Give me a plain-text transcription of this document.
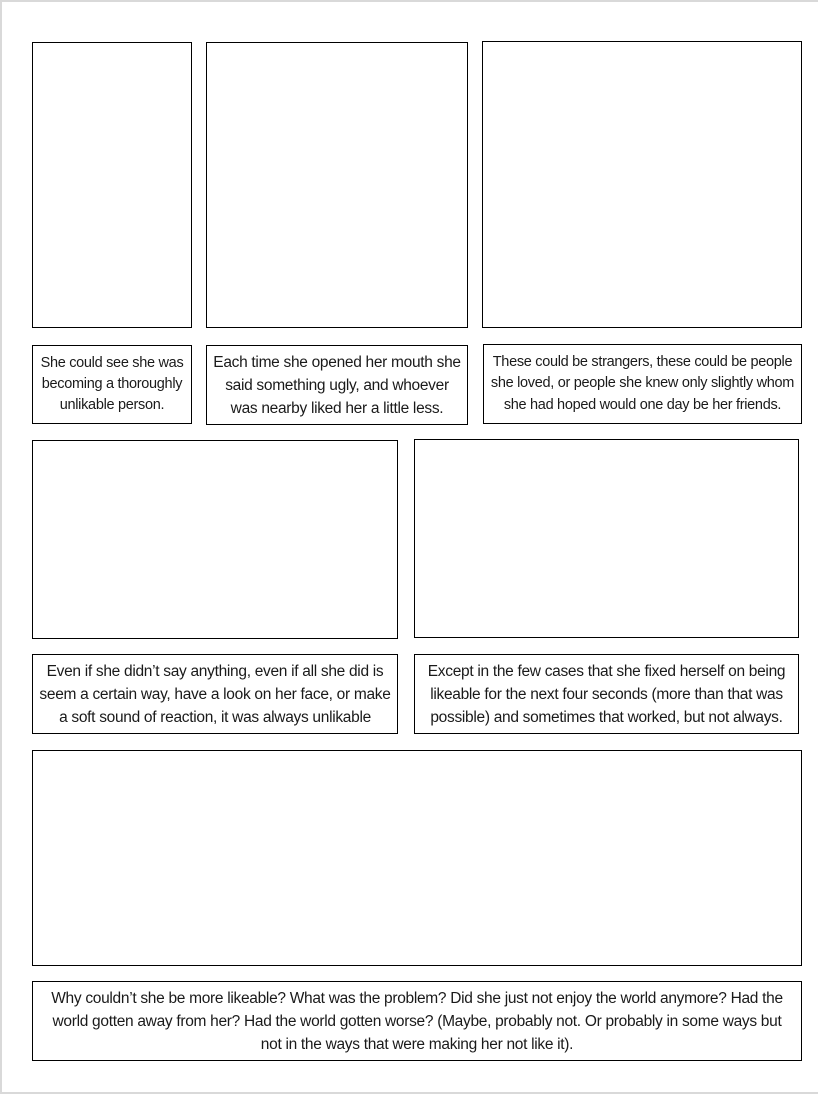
She could see she was becoming a thoroughly unlikable person.
Each time she opened her mouth she said something ugly, and whoever was nearby liked her a little less.
These could be strangers, these could be people she loved, or people she knew only slightly whom she had hoped would one day be her friends.
Even if she didn’t say anything, even if all she did is seem a certain way, have a look on her face, or make a soft sound of reaction, it was always unlikable
Except in the few cases that she fixed herself on being likeable for the next four seconds (more than that was possible) and sometimes that worked, but not always.
Why couldn’t she be more likeable? What was the problem? Did she just not enjoy the world anymore? Had the world gotten away from her? Had the world gotten worse? (Maybe, probably not. Or probably in some ways but not in the ways that were making her not like it).
